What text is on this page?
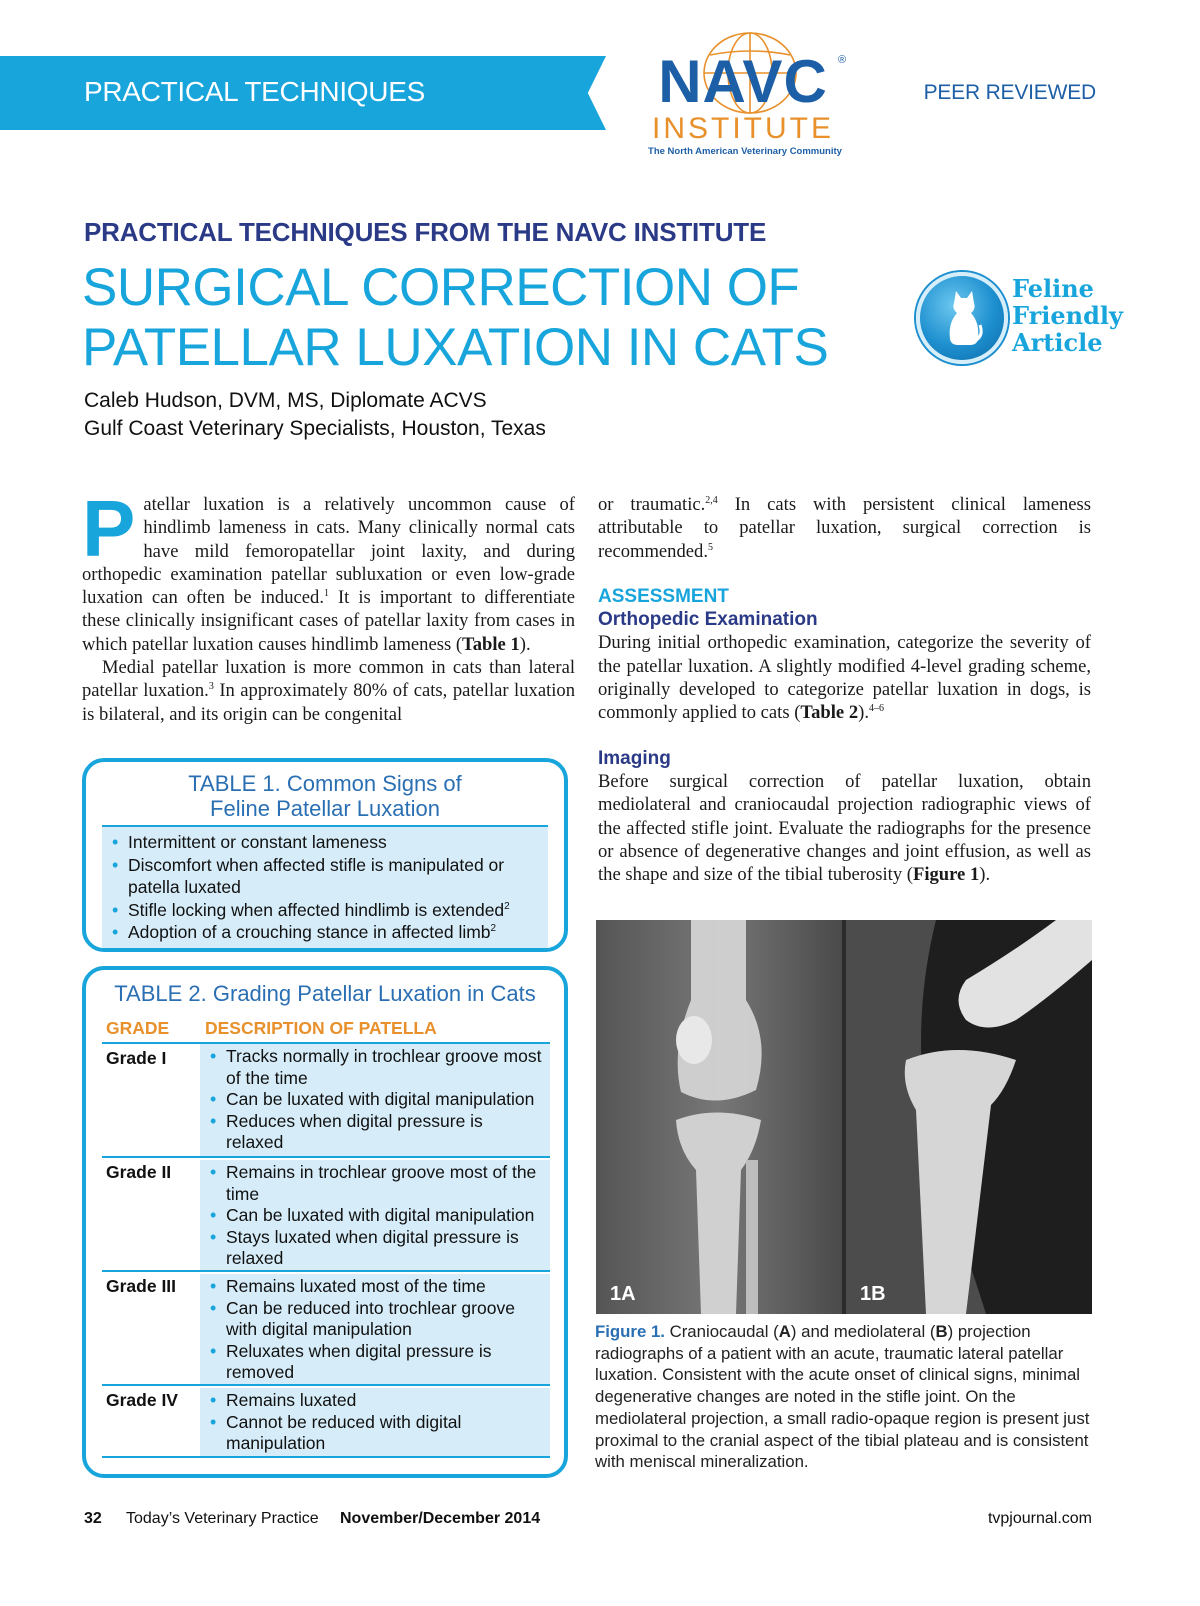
PRACTICAL TECHNIQUES	NAVC ®
INSTITUTE
The North American Veterinary Community
PEER REVIEWED
PRACTICAL TECHNIQUES FROM THE NAVC INSTITUTE
SURGICAL CORRECTION OF
PATELLAR LUXATION IN CATS
Caleb Hudson, DVM, MS, Diplomate ACVS
Gulf Coast Veterinary Specialists, Houston, Texas
Feline
Friendly
Article

Patellar luxation is a relatively uncommon cause of hindlimb lameness in cats. Many clinically normal cats have mild femoropatellar joint laxity, and during orthopedic examination patellar subluxation or even low-grade luxation can often be induced.$^1$ It is important to differentiate these clinically insignificant cases of patellar laxity from cases in which patellar luxation causes hindlimb lameness (Table 1).

Medial patellar luxation is more common in cats than lateral patellar luxation.$^3$ In approximately 80% of cats, patellar luxation is bilateral, and its origin can be congenital

or traumatic.$^{2,4}$ In cats with persistent clinical lameness attributable to patellar luxation, surgical correction is recommended.$^5$

ASSESSMENT
Orthopedic Examination

During initial orthopedic examination, categorize the severity of the patellar luxation. A slightly modified 4-level grading scheme, originally developed to categorize patellar luxation in dogs, is commonly applied to cats (Table 2).$^{4-6}$

Imaging

Before surgical correction of patellar luxation, obtain mediolateral and craniocaudal projection radiographic views of the affected stifle joint. Evaluate the radiographs for the presence or absence of degenerative changes and joint effusion, as well as the shape and size of the tibial tuberosity (Figure 1).

TABLE 1. Common Signs of
Feline Patellar Luxation
• Intermittent or constant lameness
• Discomfort when affected stifle is manipulated or patella luxated
• Stifle locking when affected hindlimb is extended$^2$
• Adoption of a crouching stance in affected limb$^2$
TABLE 2. Grading Patellar Luxation in Cats
GRADE DESCRIPTION OF PATELLA
Grade I	• Tracks normally in trochlear groove most of the time
• Can be luxated with digital manipulation
• Reduces when digital pressure is relaxed
Grade II	• Remains in trochlear groove most of the time
• Can be luxated with digital manipulation
• Stays luxated when digital pressure is relaxed
Grade III	• Remains luxated most of the time
• Can be reduced into trochlear groove with digital manipulation
• Reluxates when digital pressure is removed
Grade IV	• Remains luxated
• Cannot be reduced with digital manipulation
1A	1B
Figure 1. Craniocaudal (A) and mediolateral (B) projection radiographs of a patient with an acute, traumatic lateral patellar luxation. Consistent with the acute onset of clinical signs, minimal degenerative changes are noted in the stifle joint. On the mediolateral projection, a small radio-opaque region is present just proximal to the cranial aspect of the tibial plateau and is consistent with meniscal mineralization.
32 Today’s Veterinary Practice November/December 2014	tvpjournal.com
